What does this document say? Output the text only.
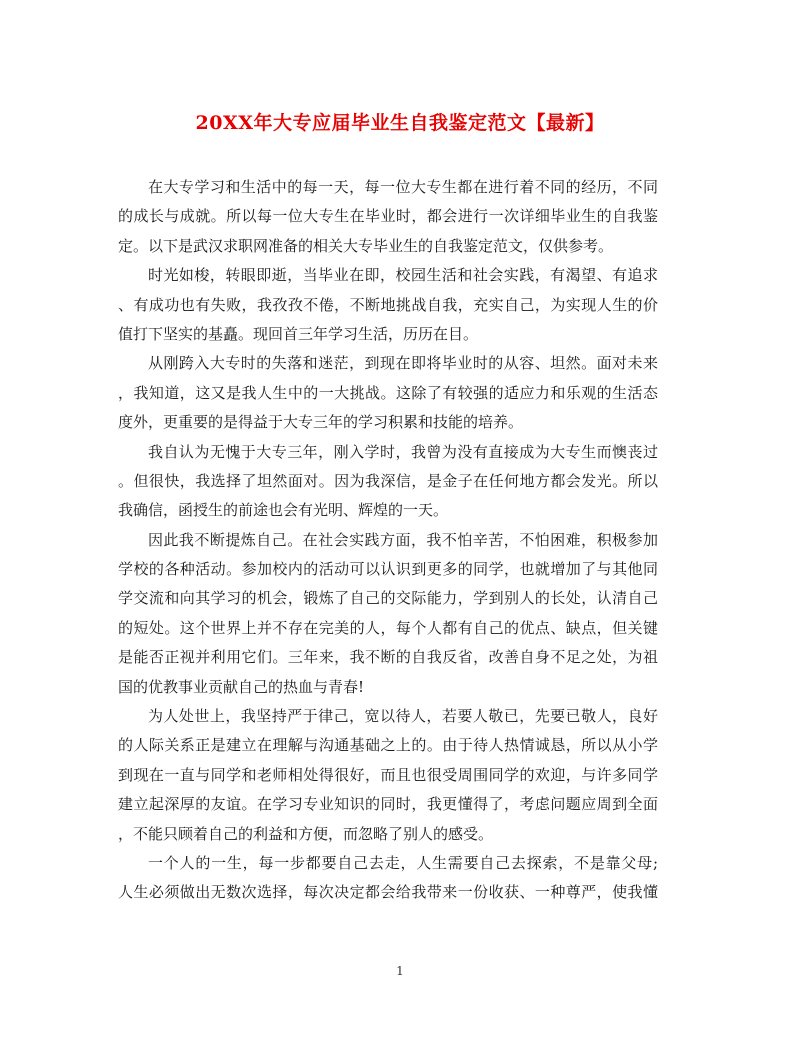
20XX年大专应届毕业生自我鉴定范文【最新】
在大专学习和生活中的每一天，每一位大专生都在进行着不同的经历，不同
的成长与成就。所以每一位大专生在毕业时，都会进行一次详细毕业生的自我鉴
定。以下是武汉求职网准备的相关大专毕业生的自我鉴定范文，仅供参考。
时光如梭，转眼即逝，当毕业在即，校园生活和社会实践，有渴望、有追求
、有成功也有失败，我孜孜不倦，不断地挑战自我，充实自己，为实现人生的价
值打下坚实的基矗。现回首三年学习生活，历历在目。
从刚跨入大专时的失落和迷茫，到现在即将毕业时的从容、坦然。面对未来
，我知道，这又是我人生中的一大挑战。这除了有较强的适应力和乐观的生活态
度外，更重要的是得益于大专三年的学习积累和技能的培养。
我自认为无愧于大专三年，刚入学时，我曾为没有直接成为大专生而懊丧过
。但很快，我选择了坦然面对。因为我深信，是金子在任何地方都会发光。所以
我确信，函授生的前途也会有光明、辉煌的一天。
因此我不断提炼自己。在社会实践方面，我不怕辛苦，不怕困难，积极参加
学校的各种活动。参加校内的活动可以认识到更多的同学，也就增加了与其他同
学交流和向其学习的机会，锻炼了自己的交际能力，学到别人的长处，认清自己
的短处。这个世界上并不存在完美的人，每个人都有自己的优点、缺点，但关键
是能否正视并利用它们。三年来，我不断的自我反省，改善自身不足之处，为祖
国的优教事业贡献自己的热血与青春!
为人处世上，我坚持严于律己，宽以待人，若要人敬已，先要已敬人，良好
的人际关系正是建立在理解与沟通基础之上的。由于待人热情诚恳，所以从小学
到现在一直与同学和老师相处得很好，而且也很受周围同学的欢迎，与许多同学
建立起深厚的友谊。在学习专业知识的同时，我更懂得了，考虑问题应周到全面
，不能只顾着自己的利益和方便，而忽略了别人的感受。
一个人的一生，每一步都要自己去走，人生需要自己去探索，不是靠父母;
人生必须做出无数次选择，每次决定都会给我带来一份收获、一种尊严，使我懂
1
